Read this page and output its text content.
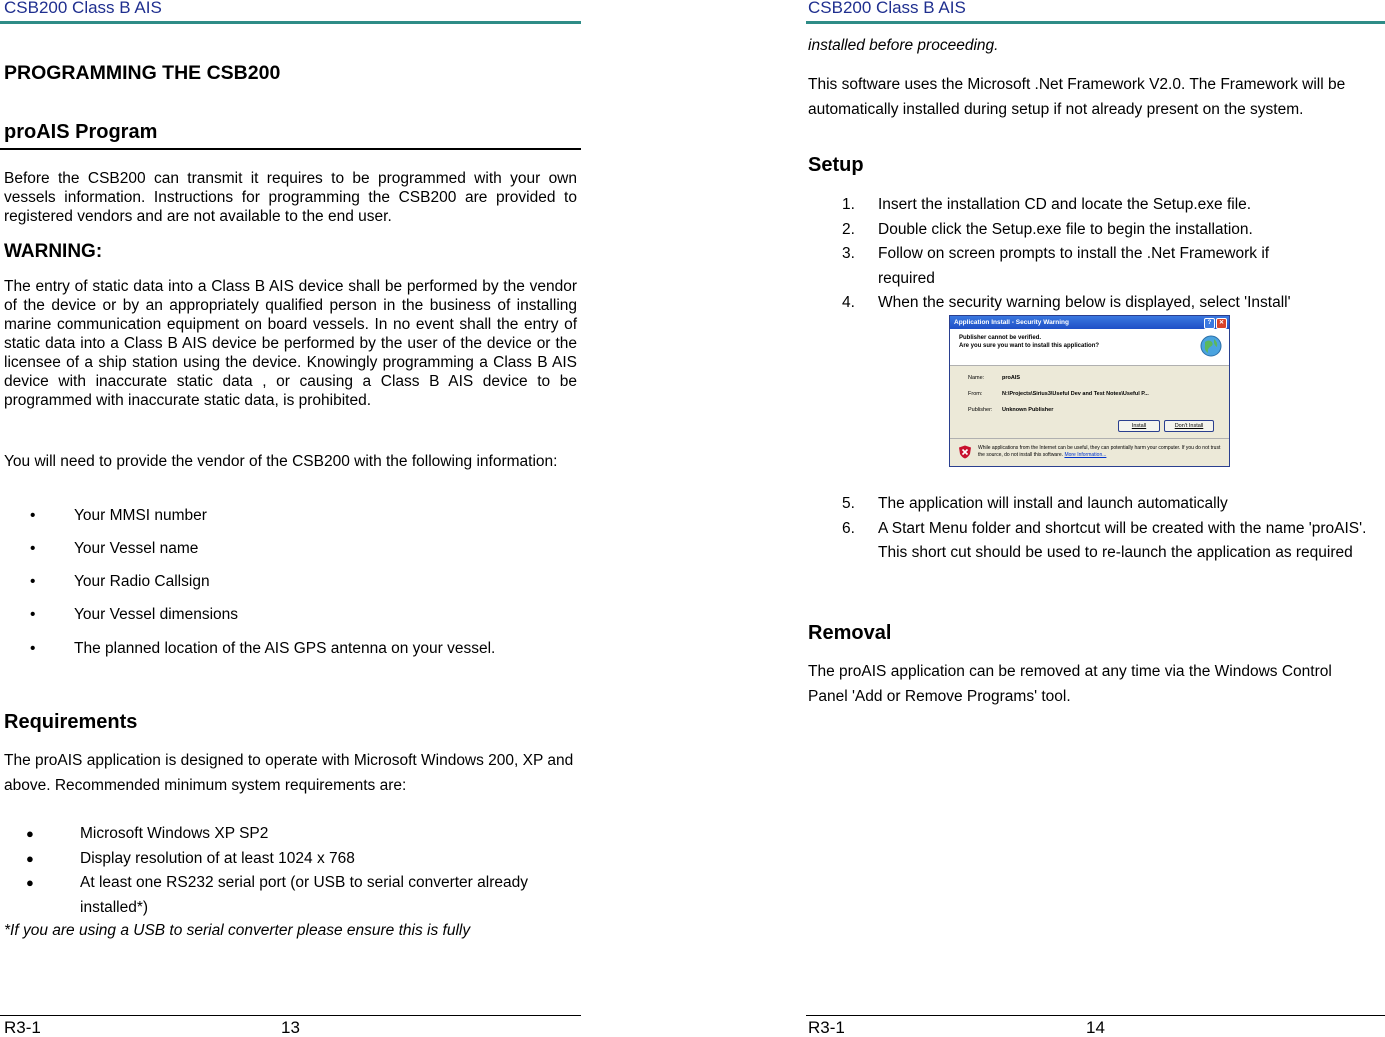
CSB200 Class B AIS
PROGRAMMING THE CSB200
proAIS Program

Before the CSB200 can transmit it requires to be programmed with your own vessels information. Instructions for programming the CSB200 are provided to registered vendors and are not available to the end user.

WARNING:

The entry of static data into a Class B AIS device shall be performed by the vendor of the device or by an appropriately qualified person in the business of installing marine communication equipment on board vessels. In no event shall the entry of static data into a Class B AIS device be performed by the user of the device or the licensee of a ship station using the device. Knowingly programming a Class B AIS device with inaccurate static data , or causing a Class B AIS device to be programmed with inaccurate static data, is prohibited.

You will need to provide the vendor of the CSB200 with the following information:

• Your MMSI number
• Your Vessel name
• Your Radio Callsign
• Your Vessel dimensions
• The planned location of the AIS GPS antenna on your vessel.
Requirements

The proAIS application is designed to operate with Microsoft Windows 200, XP and above. Recommended minimum system requirements are:

●	Microsoft Windows XP SP2
●	Display resolution of at least 1024 x 768
●	At least one RS232 serial port (or USB to serial converter already installed*)
*If you are using a USB to serial converter please ensure this is fully
R3-1	13
CSB200 Class B AIS
installed before proceeding.

This software uses the Microsoft .Net Framework V2.0. The Framework will be automatically installed during setup if not already present on the system.

Setup
1. Insert the installation CD and locate the Setup.exe file.
2. Double click the Setup.exe file to begin the installation.
3. Follow on screen prompts to install the .Net Framework if required
4. When the security warning below is displayed, select 'Install'
Application Install - Security Warning	?	✕
Publisher cannot be verified.
Are you sure you want to install this application?
Name:	proAIS
From:	N:\Projects\Sirius3\Useful Dev and Test Notes\Useful P...
Publisher: Unknown Publisher
Install	Don't Install
While applications from the Internet can be useful, they can potentially harm your computer. If you do not trust the source, do not install this software. More Information...
5. The application will install and launch automatically
6. A Start Menu folder and shortcut will be created with the name 'proAIS'. This short cut should be used to re-launch the application as required
Removal

The proAIS application can be removed at any time via the Windows Control Panel 'Add or Remove Programs' tool.

R3-1	14
